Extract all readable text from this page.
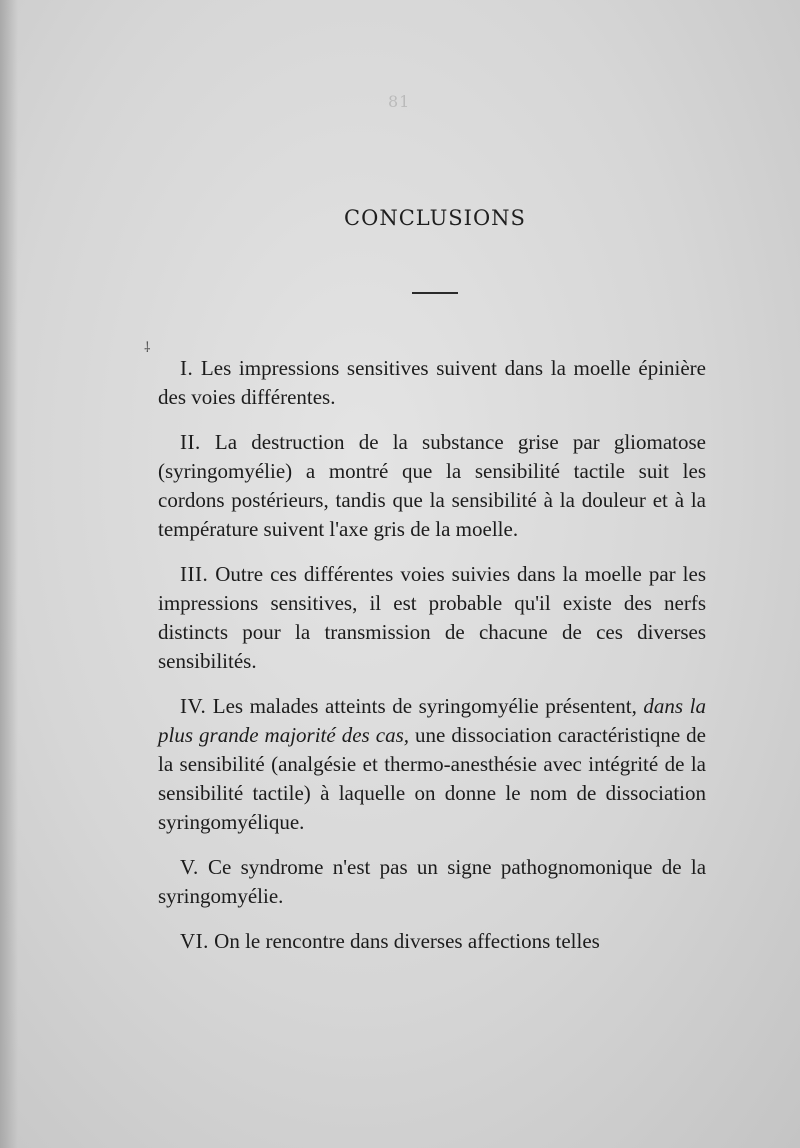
81
CONCLUSIONS
⸸

I. Les impressions sensitives suivent dans la moelle épinière des voies différentes.

II. La destruction de la substance grise par gliomatose (syringomyélie) a montré que la sensibilité tactile suit les cordons postérieurs, tandis que la sensibilité à la douleur et à la température suivent l'axe gris de la moelle.

III. Outre ces différentes voies suivies dans la moelle par les impressions sensitives, il est probable qu'il existe des nerfs distincts pour la transmission de chacune de ces diverses sensibilités.

IV. Les malades atteints de syringomyélie présentent, dans la plus grande majorité des cas, une dissociation caractéristiqne de la sensibilité (analgésie et thermo-anesthésie avec intégrité de la sensibilité tactile) à laquelle on donne le nom de dissociation syringomyélique.

V. Ce syndrome n'est pas un signe pathognomonique de la syringomyélie.

VI. On le rencontre dans diverses affections telles
